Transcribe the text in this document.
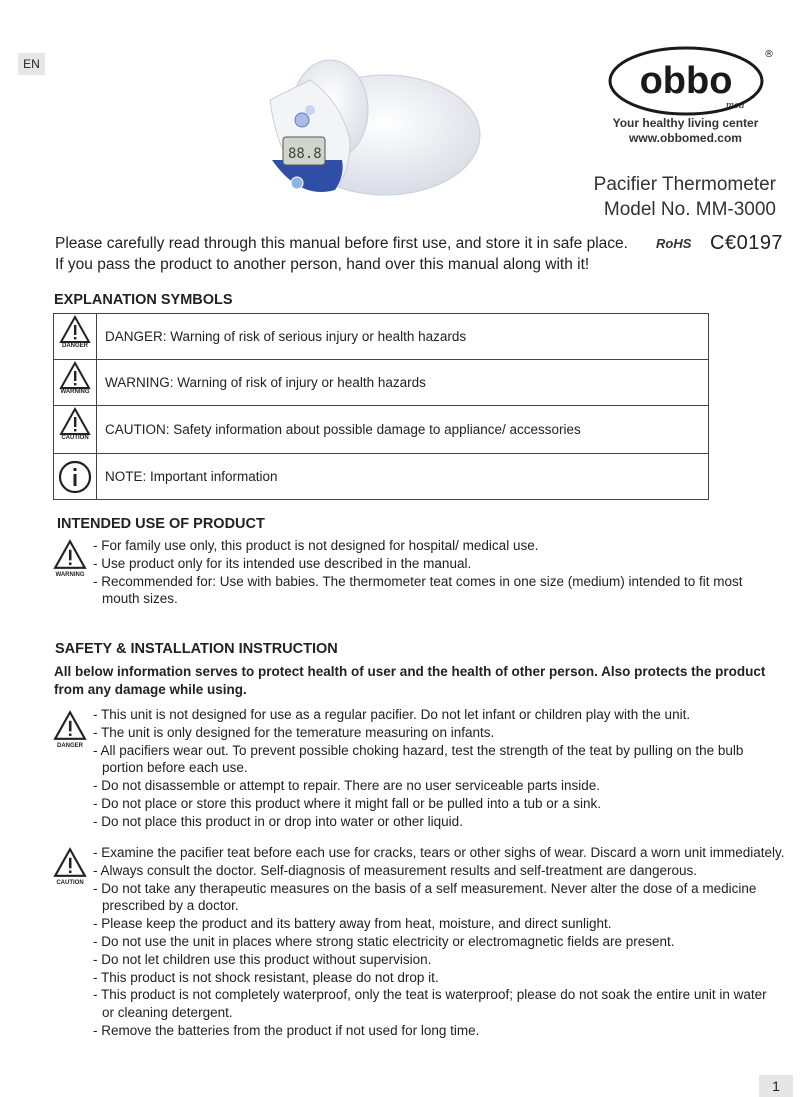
EN
88.8
obbo
med
®
Your healthy living center
www.obbomed.com
Pacifier Thermometer
Model No. MM-3000
Please carefully read through this manual before first use, and store it in safe place.
If you pass the product to another person, hand over this manual along with it!
RoHS C€0197
EXPLANATION SYMBOLS
DANGER	DANGER: Warning of risk of serious injury or health hazards

WARNING	WARNING: Warning of risk of injury or health hazards

CAUTION	CAUTION: Safety information about possible damage to appliance/ accessories

	NOTE: Important information
INTENDED USE OF PRODUCT
WARNING
- For family use only, this product is not designed for hospital/ medical use.
- Use product only for its intended use described in the manual.
- Recommended for: Use with babies. The thermometer teat comes in one size (medium) intended to fit most
mouth sizes.
SAFETY & INSTALLATION INSTRUCTION
All below information serves to protect health of user and the health of other person. Also protects the product from any damage while using.
DANGER
- This unit is not designed for use as a regular pacifier. Do not let infant or children play with the unit.
- The unit is only designed for the temerature measuring on infants.
- All pacifiers wear out. To prevent possible choking hazard, test the strength of the teat by pulling on the bulb
portion before each use.
- Do not disassemble or attempt to repair. There are no user serviceable parts inside.
- Do not place or store this product where it might fall or be pulled into a tub or a sink.
- Do not place this product in or drop into water or other liquid.
CAUTION
- Examine the pacifier teat before each use for cracks, tears or other sighs of wear. Discard a worn unit immediately.
- Always consult the doctor. Self-diagnosis of measurement results and self-treatment are dangerous.
- Do not take any therapeutic measures on the basis of a self measurement. Never alter the dose of a medicine
prescribed by a doctor.
- Please keep the product and its battery away from heat, moisture, and direct sunlight.
- Do not use the unit in places where strong static electricity or electromagnetic fields are present.
- Do not let children use this product without supervision.
- This product is not shock resistant, please do not drop it.
- This product is not completely waterproof, only the teat is waterproof; please do not soak the entire unit in water
or cleaning detergent.
- Remove the batteries from the product if not used for long time.
1
